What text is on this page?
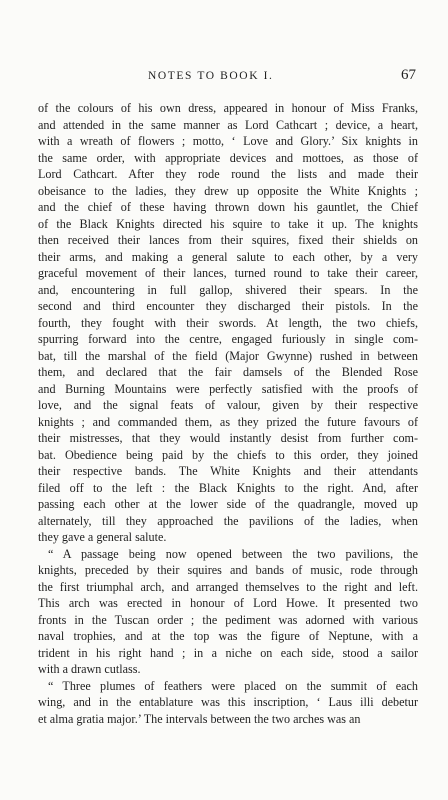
NOTES TO BOOK I.	67

of the colours of his own dress, appeared in honour of Miss Franks,
and attended in the same manner as Lord Cathcart ; device, a heart,
with a wreath of flowers ; motto, ‘ Love and Glory.’ Six knights in
the same order, with appropriate devices and mottoes, as those of
Lord Cathcart. After they rode round the lists and made their
obeisance to the ladies, they drew up opposite the White Knights ;
and the chief of these having thrown down his gauntlet, the Chief
of the Black Knights directed his squire to take it up. The knights
then received their lances from their squires, fixed their shields on
their arms, and making a general salute to each other, by a very
graceful movement of their lances, turned round to take their career,
and, encountering in full gallop, shivered their spears. In the
second and third encounter they discharged their pistols. In the
fourth, they fought with their swords. At length, the two chiefs,
spurring forward into the centre, engaged furiously in single com-
bat, till the marshal of the field (Major Gwynne) rushed in between
them, and declared that the fair damsels of the Blended Rose
and Burning Mountains were perfectly satisfied with the proofs of
love, and the signal feats of valour, given by their respective
knights ; and commanded them, as they prized the future favours of
their mistresses, that they would instantly desist from further com-
bat. Obedience being paid by the chiefs to this order, they joined
their respective bands. The White Knights and their attendants
filed off to the left : the Black Knights to the right. And, after
passing each other at the lower side of the quadrangle, moved up
alternately, till they approached the pavilions of the ladies, when
they gave a general salute.

“ A passage being now opened between the two pavilions, the
knights, preceded by their squires and bands of music, rode through
the first triumphal arch, and arranged themselves to the right and left.
This arch was erected in honour of Lord Howe. It presented two
fronts in the Tuscan order ; the pediment was adorned with various
naval trophies, and at the top was the figure of Neptune, with a
trident in his right hand ; in a niche on each side, stood a sailor
with a drawn cutlass.

“ Three plumes of feathers were placed on the summit of each
wing, and in the entablature was this inscription, ‘ Laus illi debetur
et alma gratia major.’ The intervals between the two arches was an
